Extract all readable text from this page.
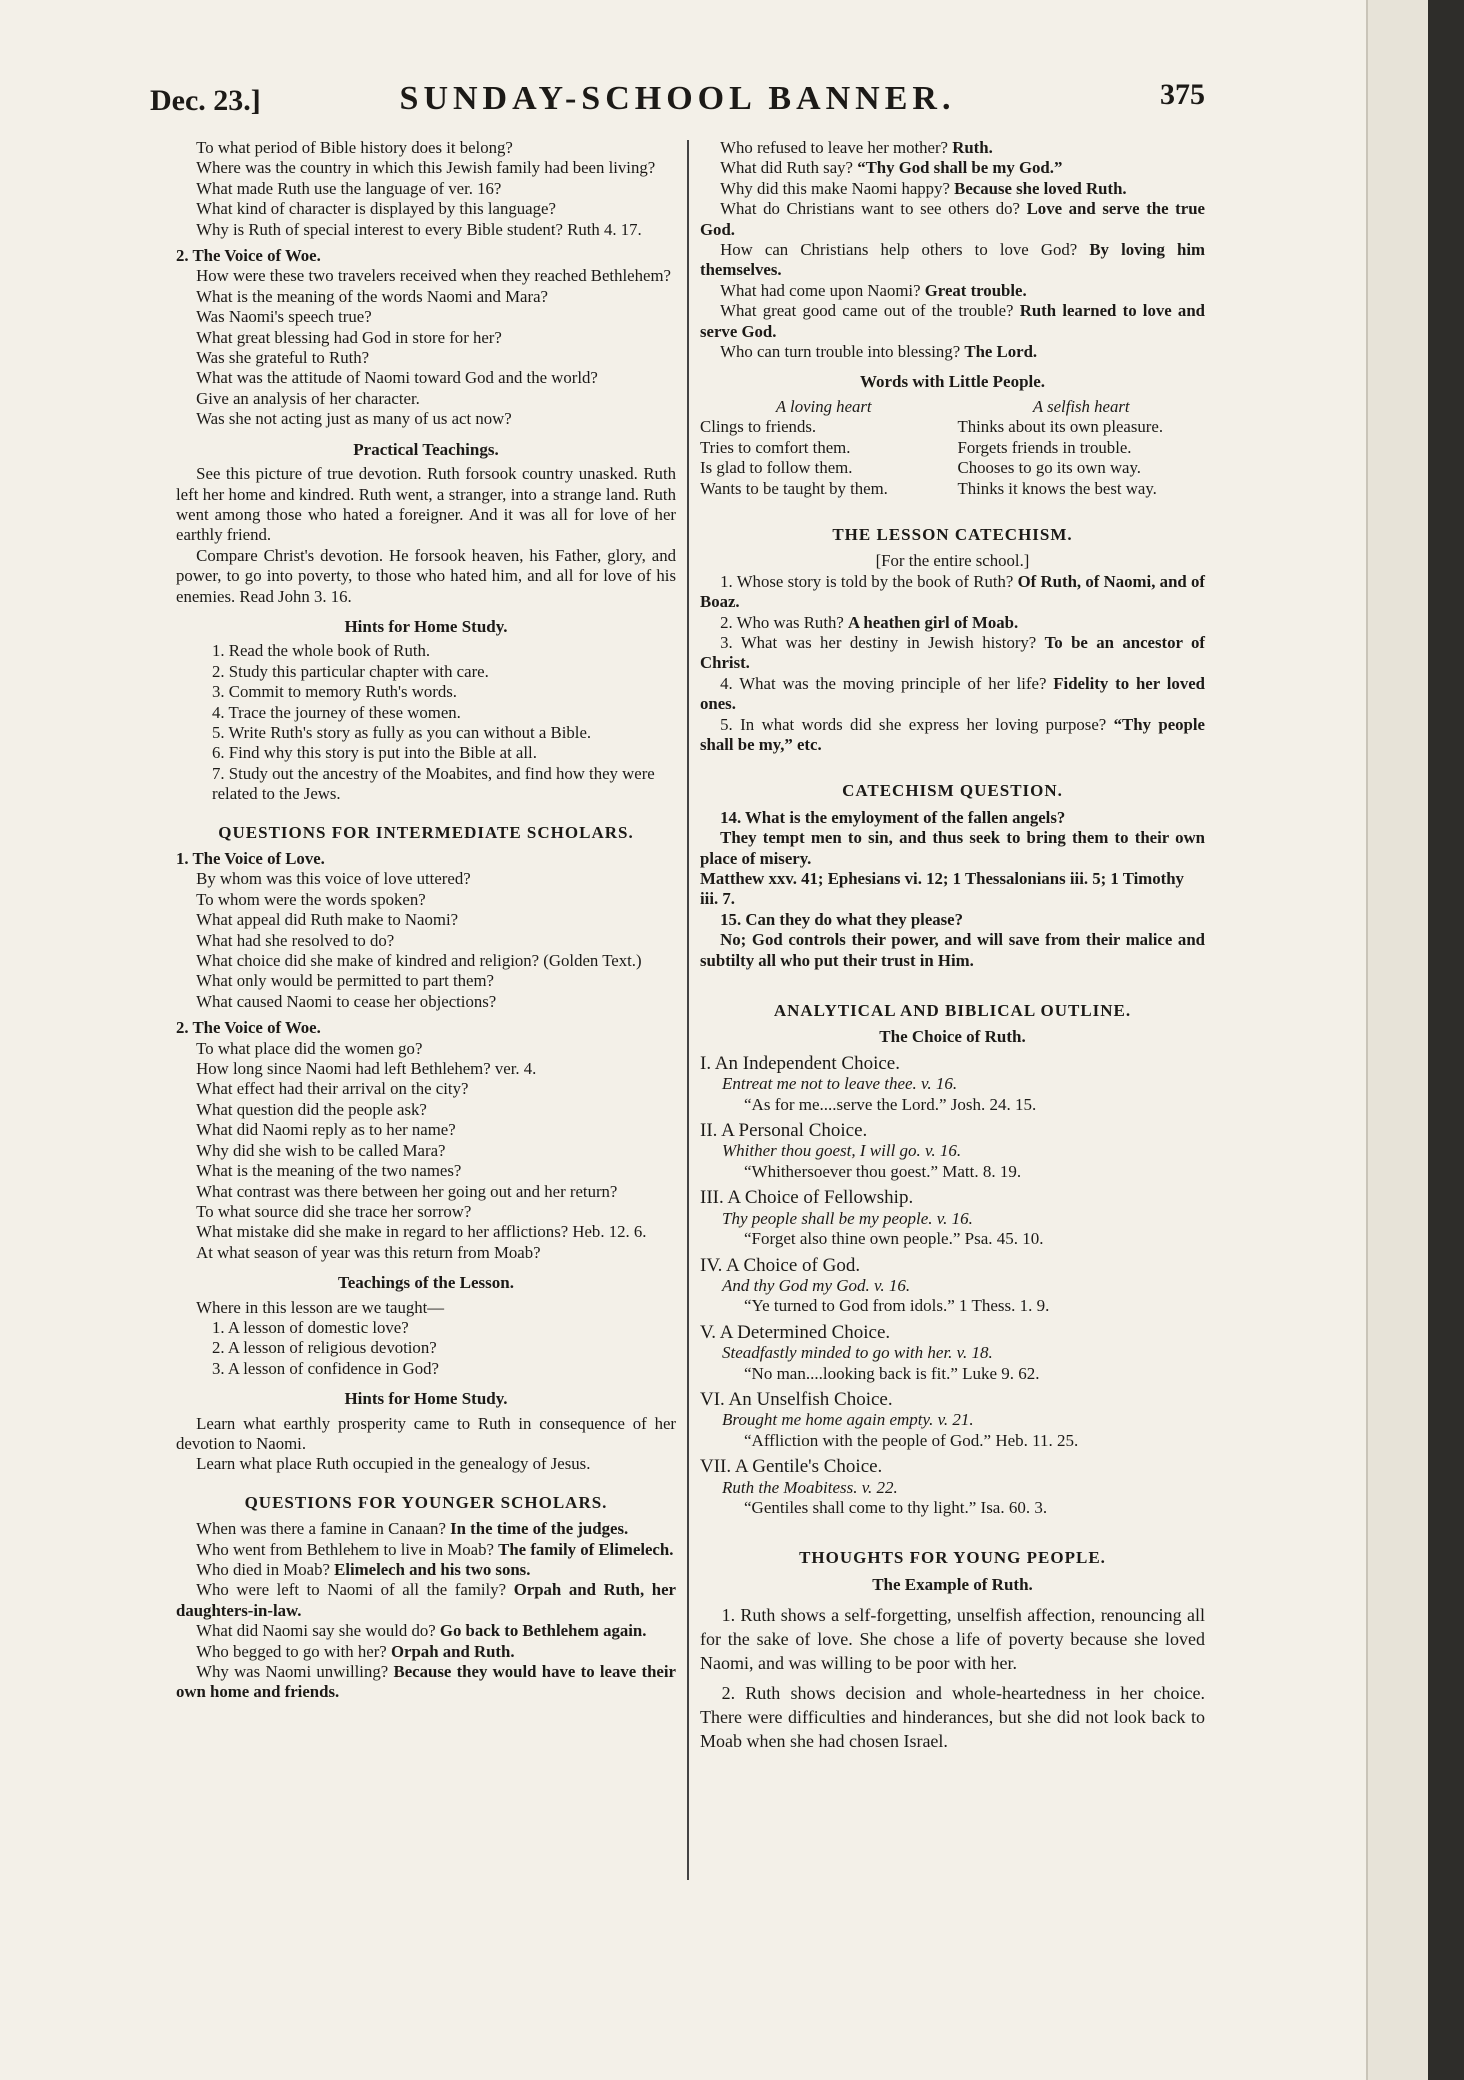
Dec. 23.]	SUNDAY-SCHOOL BANNER.	375

To what period of Bible history does it belong?

Where was the country in which this Jewish family had been living?

What made Ruth use the language of ver. 16?

What kind of character is displayed by this language?

Why is Ruth of special interest to every Bible student? Ruth 4. 17.

2. The Voice of Woe.

How were these two travelers received when they reached Bethlehem?

What is the meaning of the words Naomi and Mara?

Was Naomi's speech true?

What great blessing had God in store for her?

Was she grateful to Ruth?

What was the attitude of Naomi toward God and the world?

Give an analysis of her character.

Was she not acting just as many of us act now?

Practical Teachings.

See this picture of true devotion. Ruth forsook country unasked. Ruth left her home and kindred. Ruth went, a stranger, into a strange land. Ruth went among those who hated a foreigner. And it was all for love of her earthly friend.

Compare Christ's devotion. He forsook heaven, his Father, glory, and power, to go into poverty, to those who hated him, and all for love of his enemies. Read John 3. 16.

Hints for Home Study.

1. Read the whole book of Ruth.

2. Study this particular chapter with care.

3. Commit to memory Ruth's words.

4. Trace the journey of these women.

5. Write Ruth's story as fully as you can without a Bible.

6. Find why this story is put into the Bible at all.

7. Study out the ancestry of the Moabites, and find how they were related to the Jews.

QUESTIONS FOR INTERMEDIATE SCHOLARS.

1. The Voice of Love.

By whom was this voice of love uttered?

To whom were the words spoken?

What appeal did Ruth make to Naomi?

What had she resolved to do?

What choice did she make of kindred and religion? (Golden Text.)

What only would be permitted to part them?

What caused Naomi to cease her objections?

2. The Voice of Woe.

To what place did the women go?

How long since Naomi had left Bethlehem? ver. 4.

What effect had their arrival on the city?

What question did the people ask?

What did Naomi reply as to her name?

Why did she wish to be called Mara?

What is the meaning of the two names?

What contrast was there between her going out and her return?

To what source did she trace her sorrow?

What mistake did she make in regard to her afflictions? Heb. 12. 6.

At what season of year was this return from Moab?

Teachings of the Lesson.

Where in this lesson are we taught—

1. A lesson of domestic love?

2. A lesson of religious devotion?

3. A lesson of confidence in God?

Hints for Home Study.

Learn what earthly prosperity came to Ruth in consequence of her devotion to Naomi.

Learn what place Ruth occupied in the genealogy of Jesus.

QUESTIONS FOR YOUNGER SCHOLARS.

When was there a famine in Canaan? In the time of the judges.

Who went from Bethlehem to live in Moab? The family of Elimelech.

Who died in Moab? Elimelech and his two sons.

Who were left to Naomi of all the family? Orpah and Ruth, her daughters-in-law.

What did Naomi say she would do? Go back to Bethlehem again.

Who begged to go with her? Orpah and Ruth.

Why was Naomi unwilling? Because they would have to leave their own home and friends.

Who refused to leave her mother? Ruth.

What did Ruth say? “Thy God shall be my God.”

Why did this make Naomi happy? Because she loved Ruth.

What do Christians want to see others do? Love and serve the true God.

How can Christians help others to love God? By loving him themselves.

What had come upon Naomi? Great trouble.

What great good came out of the trouble? Ruth learned to love and serve God.

Who can turn trouble into blessing? The Lord.

Words with Little People.

A loving heart	A selfish heart
Clings to friends.	Thinks about its own pleasure.
Tries to comfort them.	Forgets friends in trouble.
Is glad to follow them.	Chooses to go its own way.
Wants to be taught by them.	Thinks it knows the best way.

THE LESSON CATECHISM.

[For the entire school.]

1. Whose story is told by the book of Ruth? Of Ruth, of Naomi, and of Boaz.

2. Who was Ruth? A heathen girl of Moab.

3. What was her destiny in Jewish history? To be an ancestor of Christ.

4. What was the moving principle of her life? Fidelity to her loved ones.

5. In what words did she express her loving purpose? “Thy people shall be my,” etc.

CATECHISM QUESTION.

14. What is the emyloyment of the fallen angels?

They tempt men to sin, and thus seek to bring them to their own place of misery.

Matthew xxv. 41; Ephesians vi. 12; 1 Thessalonians iii. 5; 1 Timothy iii. 7.

15. Can they do what they please?

No; God controls their power, and will save from their malice and subtilty all who put their trust in Him.

ANALYTICAL AND BIBLICAL OUTLINE.

The Choice of Ruth.

I. An Independent Choice.

Entreat me not to leave thee. v. 16.

“As for me....serve the Lord.” Josh. 24. 15.

II. A Personal Choice.

Whither thou goest, I will go. v. 16.

“Whithersoever thou goest.” Matt. 8. 19.

III. A Choice of Fellowship.

Thy people shall be my people. v. 16.

“Forget also thine own people.” Psa. 45. 10.

IV. A Choice of God.

And thy God my God. v. 16.

“Ye turned to God from idols.” 1 Thess. 1. 9.

V. A Determined Choice.

Steadfastly minded to go with her. v. 18.

“No man....looking back is fit.” Luke 9. 62.

VI. An Unselfish Choice.

Brought me home again empty. v. 21.

“Affliction with the people of God.” Heb. 11. 25.

VII. A Gentile's Choice.

Ruth the Moabitess. v. 22.

“Gentiles shall come to thy light.” Isa. 60. 3.

THOUGHTS FOR YOUNG PEOPLE.

The Example of Ruth.

1. Ruth shows a self-forgetting, unselfish affection, renouncing all for the sake of love. She chose a life of poverty because she loved Naomi, and was willing to be poor with her.

2. Ruth shows decision and whole-heartedness in her choice. There were difficulties and hinderances, but she did not look back to Moab when she had chosen Israel.
